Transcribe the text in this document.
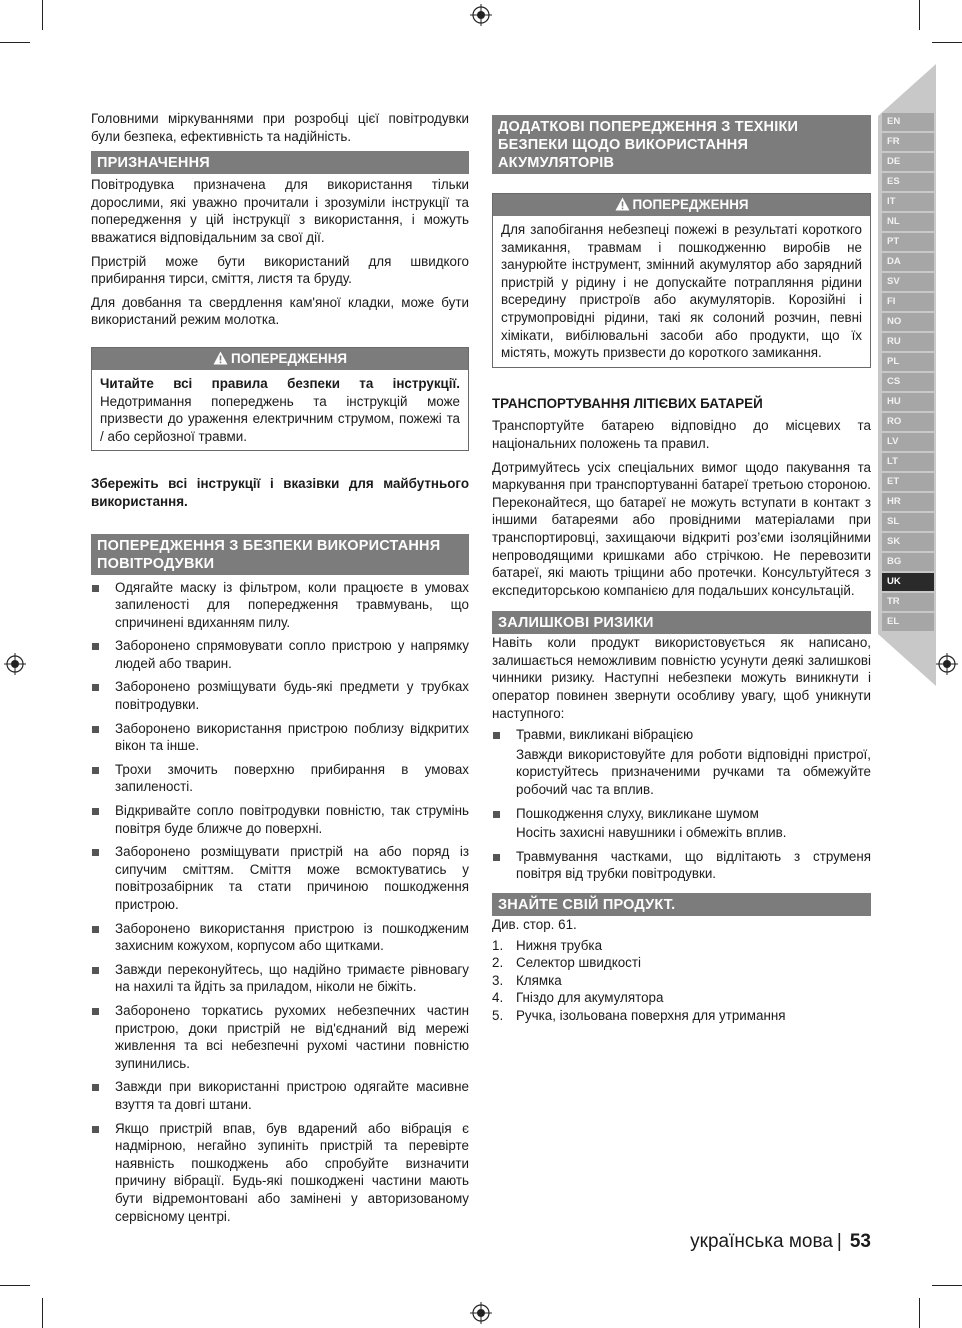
Головними міркуваннями при розробці цієї повітродувки були безпека, ефективність та надійність.

ПРИЗНАЧЕННЯ

Повітродувка призначена для використання тільки дорослими, які уважно прочитали і зрозуміли інструкції та попередження у цій інструкції з використання, і можуть вважатися відповідальним за свої дії.

Пристрій може бути використаний для швидкого прибирання тирси, сміття, листя та бруду.

Для довбання та свердлення кам'яної кладки, може бути використаний режим молотка.

ПОПЕРЕДЖЕННЯ
Читайте всі правила безпеки та інструкції. Недотримання попереджень та інструкцій може призвести до ураження електричним струмом, пожежі та / або серйозної травми.

Збережіть всі інструкції і вказівки для майбутнього використання.

ПОПЕРЕДЖЕННЯ З БЕЗПЕКИ ВИКОРИСТАННЯ ПОВІТРОДУВКИ
Одягайте маску із фільтром, коли працюєте в умовах запиленості для попередження травмувань, що спричинені вдиханням пилу.
Заборонено спрямовувати сопло пристрою у напрямку людей або тварин.
Заборонено розміщувати будь-які предмети у трубках повітродувки.
Заборонено використання пристрою поблизу відкритих вікон та інше.
Трохи змочить поверхню прибирання в умовах запиленості.
Відкривайте сопло повітродувки повністю, так струмінь повітря буде ближче до поверхні.
Заборонено розміщувати пристрій на або поряд із сипучим сміттям. Сміття може всмоктуватись у повітрозабірник та стати причиною пошкодження пристрою.
Заборонено використання пристрою із пошкодженим захисним кожухом, корпусом або щитками.
Завжди переконуйтесь, що надійно тримаєте рівновагу на нахилі та йдіть за приладом, ніколи не біжіть.
Заборонено торкатись рухомих небезпечних частин пристрою, доки пристрій не від'єднаний від мережі живлення та всі небезпечні рухомі частини повністю зупинились.
Завжди при використанні пристрою одягайте масивне взуття та довгі штани.
Якщо пристрій впав, був вдарений або вібрація є надмірною, негайно зупиніть пристрій та перевірте наявність пошкоджень або спробуйте визначити причину вібрації. Будь-які пошкоджені частини мають бути відремонтовані або замінені у авторизованому сервісному центрі.
ДОДАТКОВІ ПОПЕРЕДЖЕННЯ З ТЕХНІКИ БЕЗПЕКИ ЩОДО ВИКОРИСТАННЯ АКУМУЛЯТОРІВ
ПОПЕРЕДЖЕННЯ
Для запобігання небезпеці пожежі в результаті короткого замикання, травмам і пошкодженню виробів не занурюйте інструмент, змінний акумулятор або зарядний пристрій у рідину і не допускайте потрапляння рідини всередину пристроїв або акумуляторів. Корозійні і струмопровідні рідини, такі як солоний розчин, певні хімікати, вибілювальні засоби або продукти, що їх містять, можуть призвести до короткого замикання.

ТРАНСПОРТУВАННЯ ЛІТІЄВИХ БАТАРЕЙ

Транспортуйте батарею відповідно до місцевих та національних положень та правил.

Дотримуйтесь усіх спеціальних вимог щодо пакування та маркування при транспортуванні батареї третьою стороною. Переконайтеся, що батареї не можуть вступати в контакт з іншими батареями або провідними матеріалами при транспортировці, захищаючи відкриті роз’єми ізоляційними непроводящими кришками або стрічкою. Не перевозити батареї, які мають тріщини або протечки. Консультуйтеся з експедиторською компанією для подальших консультацій.

ЗАЛИШКОВІ РИЗИКИ

Навіть коли продукт використовується як написано, залишається неможливим повністю усунути деякі залишкові чинники ризику. Наступні небезпеки можуть виникнути і оператор повинен звернути особливу увагу, щоб уникнути наступного:

Травми, викликані вібрацією
Завжди використовуйте для роботи відповідні пристрої, користуйтесь призначеними ручками та обмежуйте робочий час та вплив.
Пошкодження слуху, викликане шумом
Носіть захисні навушники і обмежіть вплив.
Травмування частками, що відлітають з струменя повітря від трубки повітродувки.
ЗНАЙТЕ СВІЙ ПРОДУКТ.

Див. стор. 61.

1. Нижня трубка
2. Селектор швидкості
3. Клямка
4. Гніздо для акумулятора
5. Ручка, ізольована поверхня для утримання
EN
FR
DE
ES
IT
NL
PT
DA
SV
FI
NO
RU
PL
CS
HU
RO
LV
LT
ET
HR
SL
SK
BG
UK
TR
EL
українська мова | 53
